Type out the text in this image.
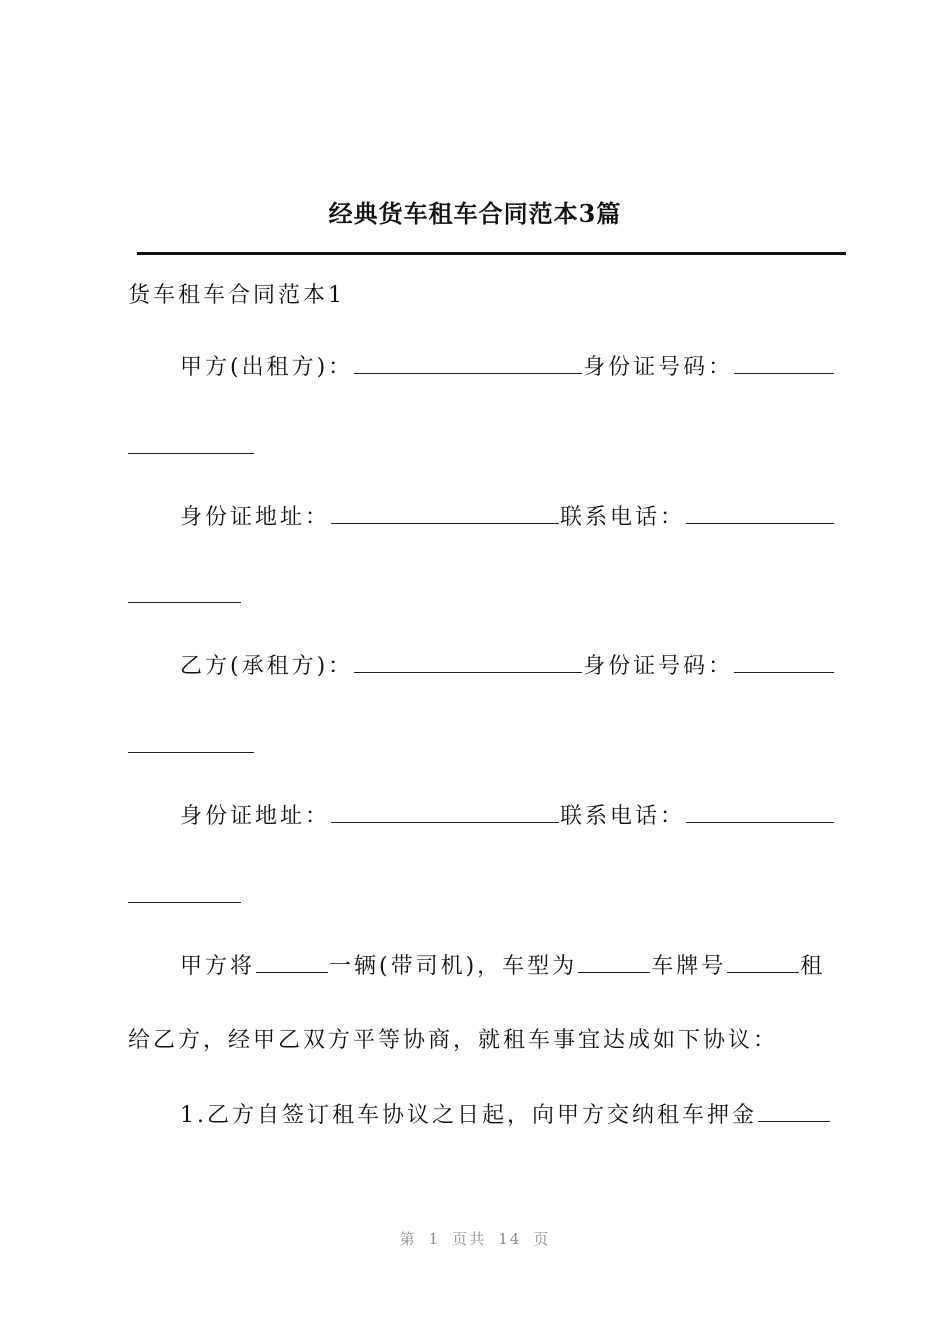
经典货车租车合同范本3篇

货车租车合同范本1

甲方(出租方)：	身份证号码：

身份证地址：	联系电话：

乙方(承租方)：	身份证号码：

身份证地址：	联系电话：

甲方将	一辆(带司机)，车型为	车牌号	租

给乙方，经甲乙双方平等协商，就租车事宜达成如下协议：

1.乙方自签订租车协议之日起，向甲方交纳租车押金

第 1 页共 14 页
